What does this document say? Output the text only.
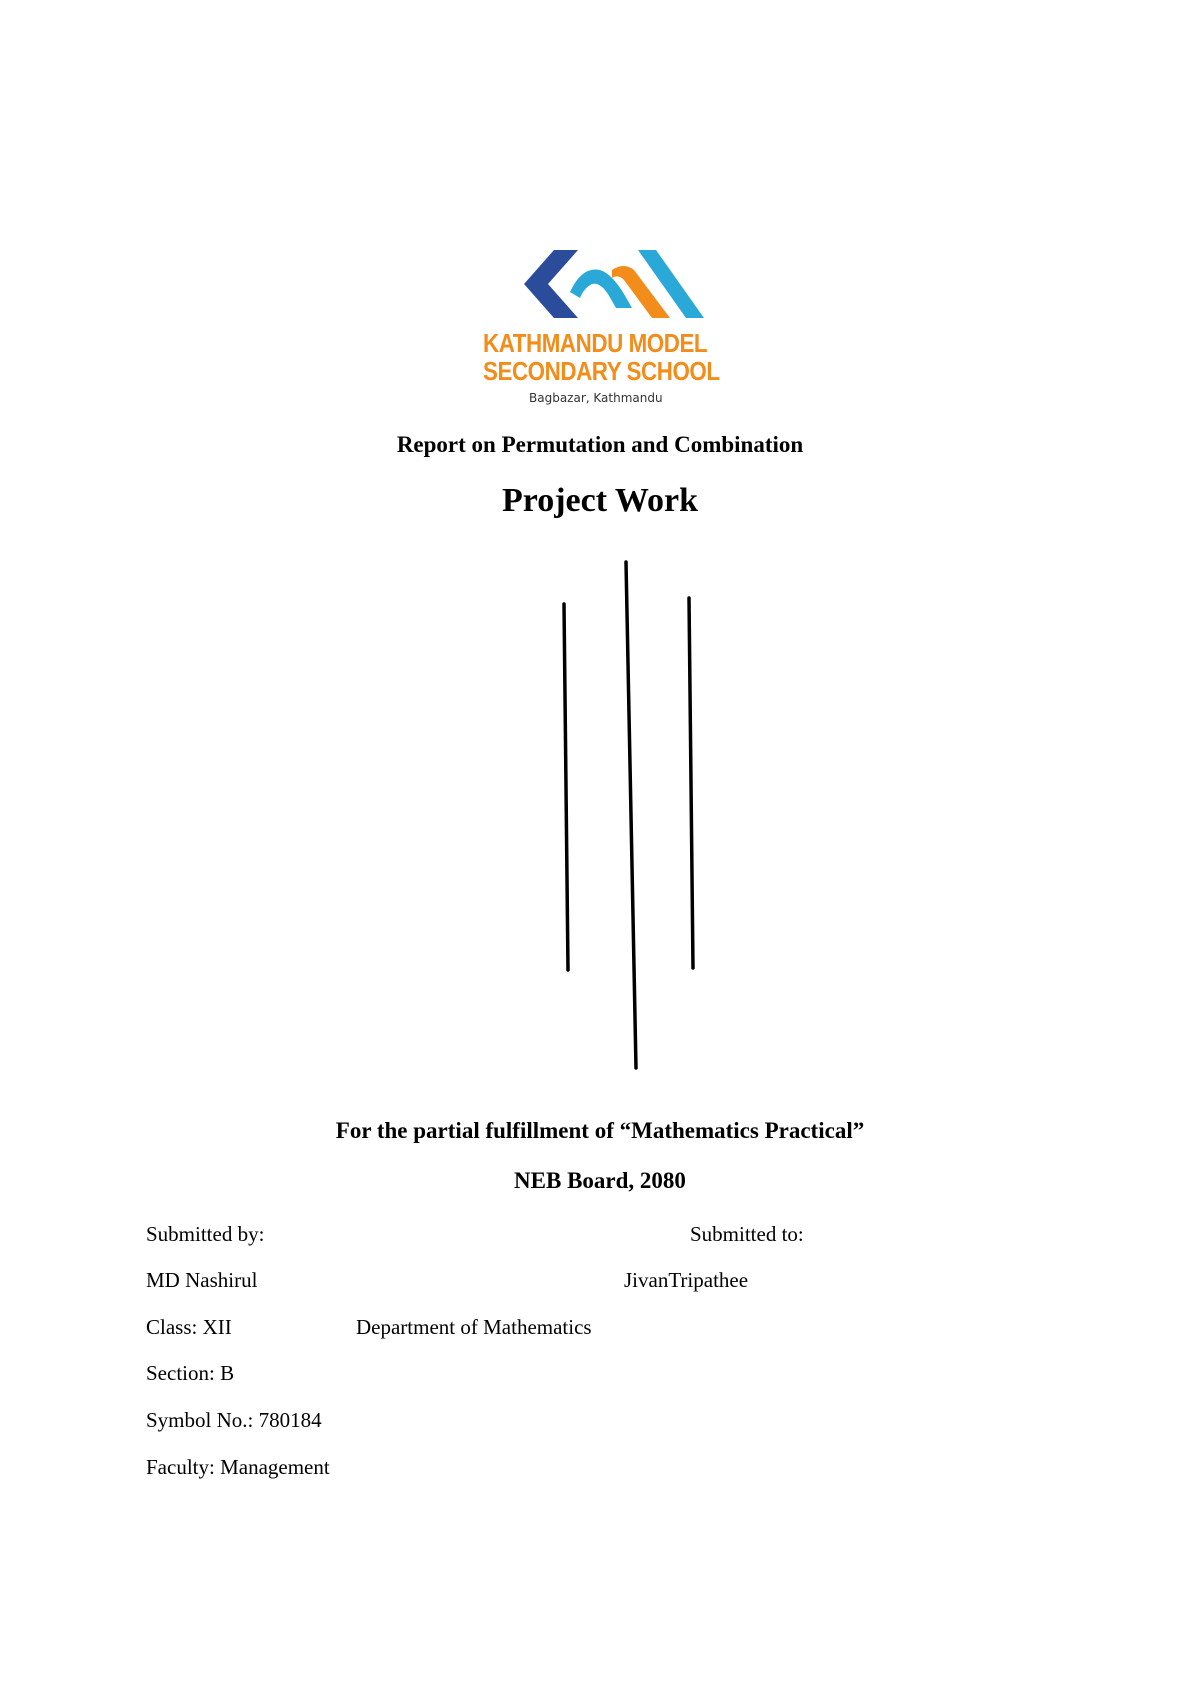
KATHMANDU MODEL
SECONDARY SCHOOL
Bagbazar, Kathmandu
Report on Permutation and Combination
Project Work
For the partial fulfillment of “Mathematics Practical”
NEB Board, 2080
Submitted by:	Submitted to:
MD Nashirul	JivanTripathee
Class: XII	Department of Mathematics
Section: B
Symbol No.: 780184
Faculty: Management
